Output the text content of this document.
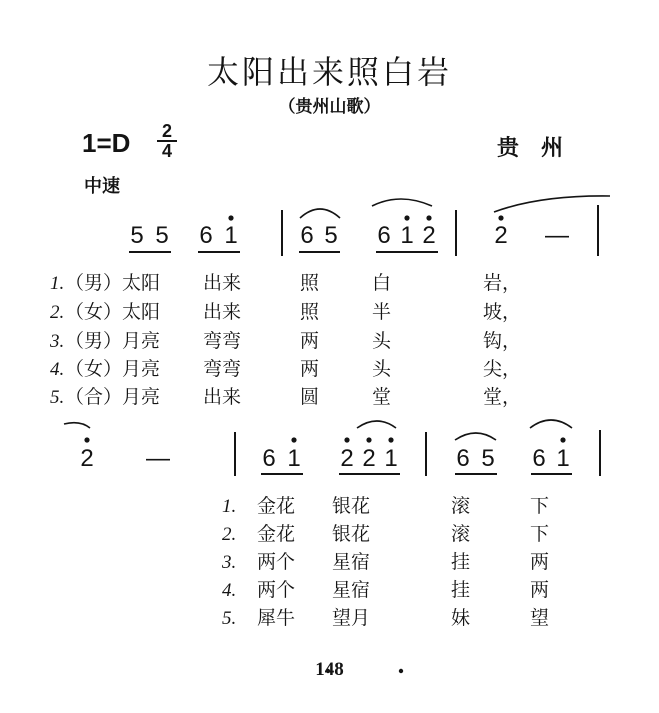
太阳出来照白岩
（贵州山歌）
1=D	2
4	贵州
中速
5 5 6 1	6 5 6 1 2 2 —
1. （男）太阳 出来	照	白	岩，
2. （女）太阳 出来	照	半	坡，
3. （男）月亮 弯弯	两	头	钩，
4. （女）月亮 弯弯	两	头	尖，
5. （合）月亮 出来	圆	堂	堂，
2 —	6 1 2 2 1 6 5 6 1
1. 金花 银花	滚	下
2. 金花 银花	滚	下
3. 两个 星宿	挂	两
4. 两个 星宿	挂	两
5. 犀牛 望月	妹	望
148
